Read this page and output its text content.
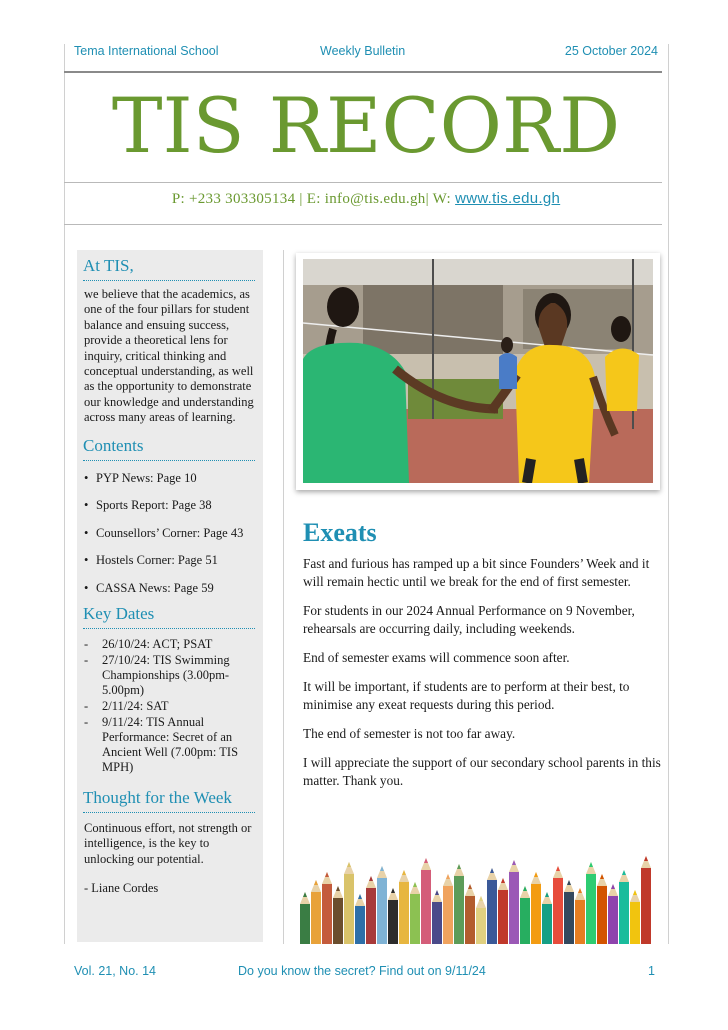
Tema International School	Weekly Bulletin	25 October 2024
TIS RECORD
P: +233 303305134 | E: info@tis.edu.gh| W: www.tis.edu.gh
At TIS,
we believe that the academics, as one of the four pillars for student balance and ensuing success, provide a theoretical lens for inquiry, critical thinking and conceptual understanding, as well as the opportunity to demonstrate our knowledge and understanding across many areas of learning.
Contents
• PYP News: Page 10
• Sports Report: Page 38
• Counsellors’ Corner: Page 43
• Hostels Corner: Page 51
• CASSA News: Page 59
Key Dates
- 26/10/24: ACT; PSAT
- 27/10/24: TIS Swimming Championships (3.00pm-5.00pm)
- 2/11/24: SAT
- 9/11/24: TIS Annual Performance: Secret of an Ancient Well (7.00pm: TIS MPH)
Thought for the Week
Continuous effort, not strength or intelligence, is the key to unlocking our potential.
- Liane Cordes
Exeats

Fast and furious has ramped up a bit since Founders’ Week and it will remain hectic until we break for the end of first semester.

For students in our 2024 Annual Performance on 9 November, rehearsals are occurring daily, including weekends.

End of semester exams will commence soon after.

It will be important, if students are to perform at their best, to minimise any exeat requests during this period.

The end of semester is not too far away.

I will appreciate the support of our secondary school parents in this matter. Thank you.

Vol. 21, No. 14	Do you know the secret? Find out on 9/11/24	1
